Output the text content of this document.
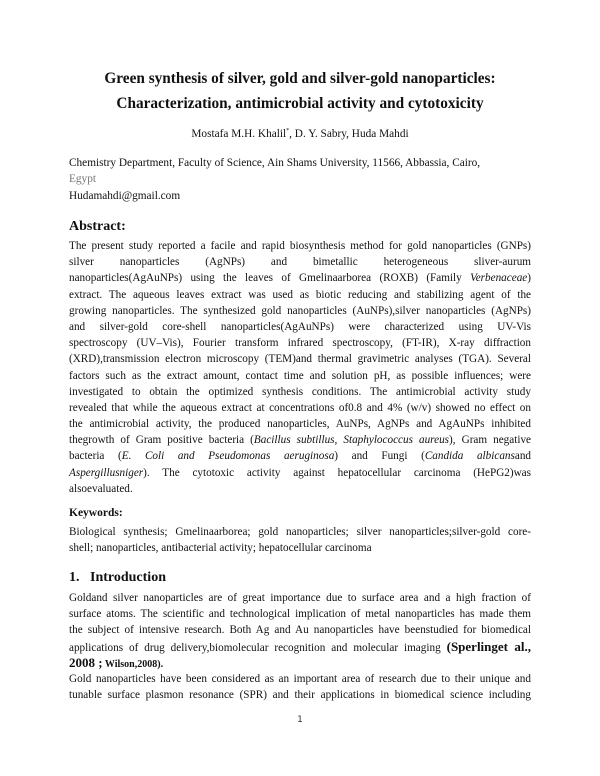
Green synthesis of silver, gold and silver-gold nanoparticles:
Characterization, antimicrobial activity and cytotoxicity
Mostafa M.H. Khalil*, D. Y. Sabry, Huda Mahdi
Chemistry Department, Faculty of Science, Ain Shams University, 11566, Abbassia, Cairo,
Egypt
Hudamahdi@gmail.com
Abstract:
The present study reported a facile and rapid biosynthesis method for gold nanoparticles (GNPs)
silver nanoparticles (AgNPs) and bimetallic heterogeneous sliver-aurum
nanoparticles(AgAuNPs) using the leaves of Gmelinaarborea (ROXB) (Family Verbenaceae)
extract. The aqueous leaves extract was used as biotic reducing and stabilizing agent of the
growing nanoparticles. The synthesized gold nanoparticles (AuNPs),silver nanoparticles (AgNPs)
and silver-gold core-shell nanoparticles(AgAuNPs) were characterized using UV-Vis
spectroscopy (UV–Vis), Fourier transform infrared spectroscopy, (FT-IR), X-ray diffraction
(XRD),transmission electron microscopy (TEM)and thermal gravimetric analyses (TGA). Several
factors such as the extract amount, contact time and solution pH, as possible influences; were
investigated to obtain the optimized synthesis conditions. The antimicrobial activity study
revealed that while the aqueous extract at concentrations of0.8 and 4% (w/v) showed no effect on
the antimicrobial activity, the produced nanoparticles, AuNPs, AgNPs and AgAuNPs inhibited
thegrowth of Gram positive bacteria (Bacillus subtillus, Staphylococcus aureus), Gram negative
bacteria (E. Coli and Pseudomonas aeruginosa) and Fungi (Candida albicansand
Aspergillusniger). The cytotoxic activity against hepatocellular carcinoma (HePG2)was
alsoevaluated.
Keywords:
Biological synthesis; Gmelinaarborea; gold nanoparticles; silver nanoparticles;silver-gold core-
shell; nanoparticles, antibacterial activity; hepatocellular carcinoma
1.   Introduction
Goldand silver nanoparticles are of great importance due to surface area and a high fraction of
surface atoms. The scientific and technological implication of metal nanoparticles has made them
the subject of intensive research. Both Ag and Au nanoparticles have beenstudied for biomedical
applications of drug delivery,biomolecular recognition and molecular imaging (Sperlinget al.,
2008 ; Wilson,2008).
Gold nanoparticles have been considered as an important area of research due to their unique and
tunable surface plasmon resonance (SPR) and their applications in biomedical science including
1
